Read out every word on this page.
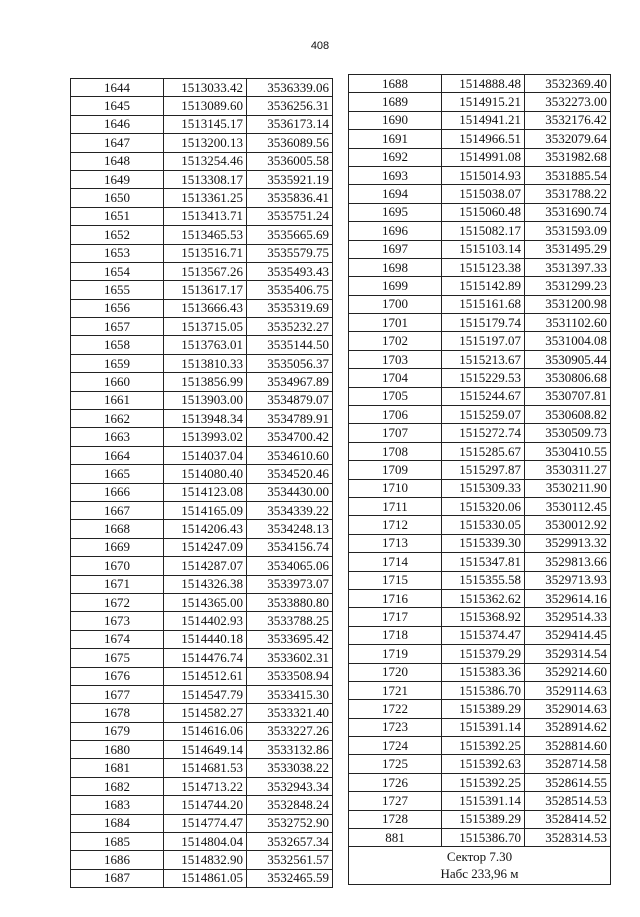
408
1644	1513033.42	3536339.06
1645	1513089.60	3536256.31
1646	1513145.17	3536173.14
1647	1513200.13	3536089.56
1648	1513254.46	3536005.58
1649	1513308.17	3535921.19
1650	1513361.25	3535836.41
1651	1513413.71	3535751.24
1652	1513465.53	3535665.69
1653	1513516.71	3535579.75
1654	1513567.26	3535493.43
1655	1513617.17	3535406.75
1656	1513666.43	3535319.69
1657	1513715.05	3535232.27
1658	1513763.01	3535144.50
1659	1513810.33	3535056.37
1660	1513856.99	3534967.89
1661	1513903.00	3534879.07
1662	1513948.34	3534789.91
1663	1513993.02	3534700.42
1664	1514037.04	3534610.60
1665	1514080.40	3534520.46
1666	1514123.08	3534430.00
1667	1514165.09	3534339.22
1668	1514206.43	3534248.13
1669	1514247.09	3534156.74
1670	1514287.07	3534065.06
1671	1514326.38	3533973.07
1672	1514365.00	3533880.80
1673	1514402.93	3533788.25
1674	1514440.18	3533695.42
1675	1514476.74	3533602.31
1676	1514512.61	3533508.94
1677	1514547.79	3533415.30
1678	1514582.27	3533321.40
1679	1514616.06	3533227.26
1680	1514649.14	3533132.86
1681	1514681.53	3533038.22
1682	1514713.22	3532943.34
1683	1514744.20	3532848.24
1684	1514774.47	3532752.90
1685	1514804.04	3532657.34
1686	1514832.90	3532561.57
1687	1514861.05	3532465.59
1688	1514888.48	3532369.40
1689	1514915.21	3532273.00
1690	1514941.21	3532176.42
1691	1514966.51	3532079.64
1692	1514991.08	3531982.68
1693	1515014.93	3531885.54
1694	1515038.07	3531788.22
1695	1515060.48	3531690.74
1696	1515082.17	3531593.09
1697	1515103.14	3531495.29
1698	1515123.38	3531397.33
1699	1515142.89	3531299.23
1700	1515161.68	3531200.98
1701	1515179.74	3531102.60
1702	1515197.07	3531004.08
1703	1515213.67	3530905.44
1704	1515229.53	3530806.68
1705	1515244.67	3530707.81
1706	1515259.07	3530608.82
1707	1515272.74	3530509.73
1708	1515285.67	3530410.55
1709	1515297.87	3530311.27
1710	1515309.33	3530211.90
1711	1515320.06	3530112.45
1712	1515330.05	3530012.92
1713	1515339.30	3529913.32
1714	1515347.81	3529813.66
1715	1515355.58	3529713.93
1716	1515362.62	3529614.16
1717	1515368.92	3529514.33
1718	1515374.47	3529414.45
1719	1515379.29	3529314.54
1720	1515383.36	3529214.60
1721	1515386.70	3529114.63
1722	1515389.29	3529014.63
1723	1515391.14	3528914.62
1724	1515392.25	3528814.60
1725	1515392.63	3528714.58
1726	1515392.25	3528614.55
1727	1515391.14	3528514.53
1728	1515389.29	3528414.52
881	1515386.70	3528314.53

Сектор 7.30
Набс 233,96 м		
